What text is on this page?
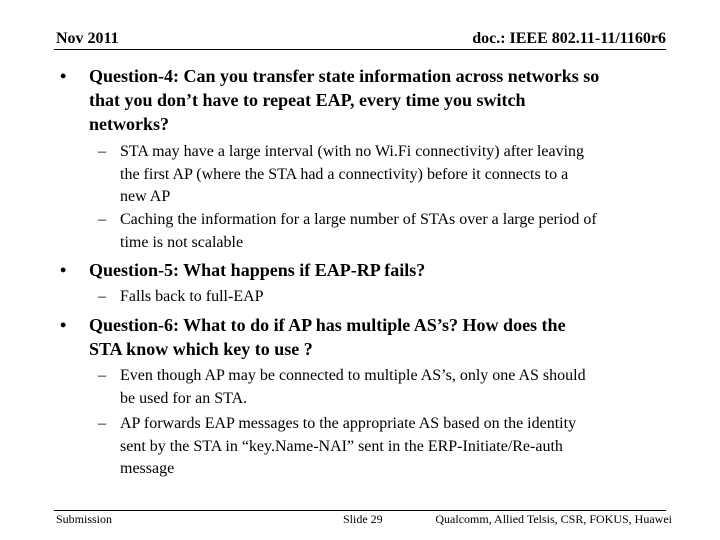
Nov 2011	doc.: IEEE 802.11-11/1160r6
• Question-4: Can you transfer state information across networks so
that you don’t have to repeat EAP, every time you switch
networks?
– STA may have a large interval (with no Wi.Fi connectivity) after leaving
the first AP (where the STA had a connectivity) before it connects to a
new AP
– Caching the information for a large number of STAs over a large period of
time is not scalable
• Question-5: What happens if EAP-RP fails?
– Falls back to full-EAP
• Question-6: What to do if AP has multiple AS’s? How does the
STA know which key to use ?
– Even though AP may be connected to multiple AS’s, only one AS should
be used for an STA.
– AP forwards EAP messages to the appropriate AS based on the identity
sent by the STA in “key.Name-NAI” sent in the ERP-Initiate/Re-auth
message
Submission	Slide 29	Qualcomm, Allied Telsis, CSR, FOKUS, Huawei
